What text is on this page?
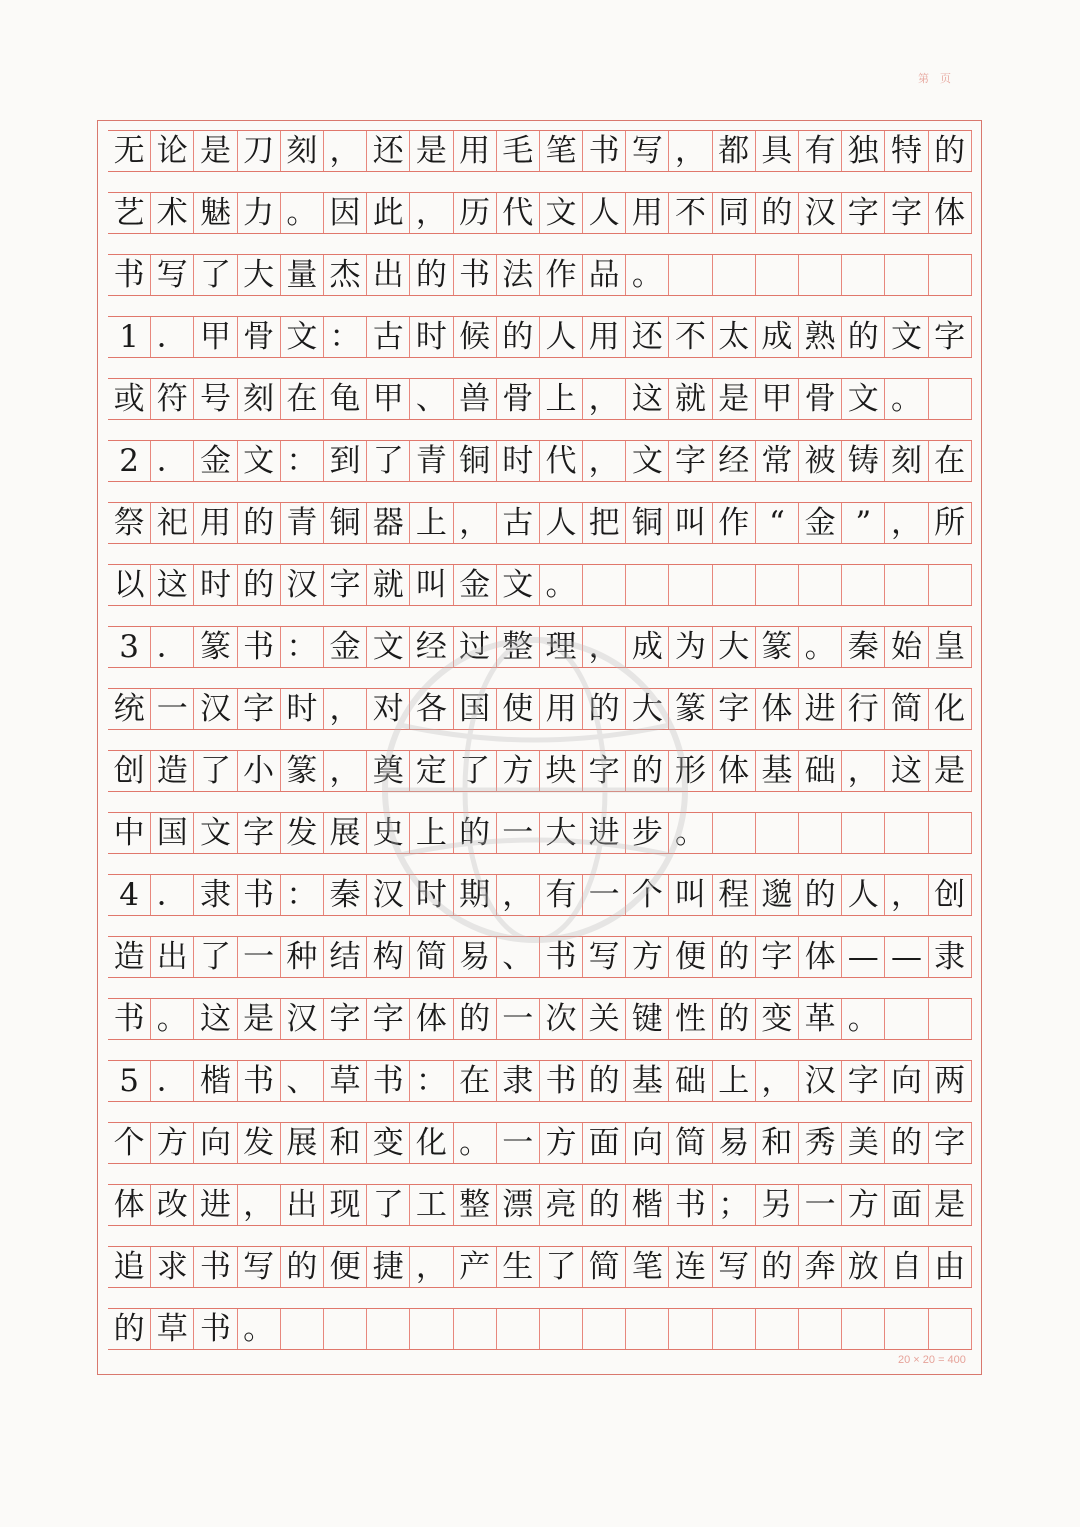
第 页
无 论 是 刀 刻 ， 还 是 用 毛 笔 书 写 ， 都 具 有 独 特 的
艺 术 魅 力 。 因 此 ， 历 代 文 人 用 不 同 的 汉 字 字 体
书 写 了 大 量 杰 出 的 书 法 作 品 。
1 ． 甲 骨 文 ： 古 时 候 的 人 用 还 不 太 成 熟 的 文 字
或 符 号 刻 在 龟 甲 、 兽 骨 上 ， 这 就 是 甲 骨 文 。
2 ． 金 文 ： 到 了 青 铜 时 代 ， 文 字 经 常 被 铸 刻 在
祭 祀 用 的 青 铜 器 上 ， 古 人 把 铜 叫 作 “ 金 ” ， 所
以 这 时 的 汉 字 就 叫 金 文 。
3 ． 篆 书 ： 金 文 经 过 整 理 ， 成 为 大 篆 。 秦 始 皇
统 一 汉 字 时 ， 对 各 国 使 用 的 大 篆 字 体 进 行 简 化
创 造 了 小 篆 ， 奠 定 了 方 块 字 的 形 体 基 础 ， 这 是
中 国 文 字 发 展 史 上 的 一 大 进 步 。
4 ． 隶 书 ： 秦 汉 时 期 ， 有 一 个 叫 程 邈 的 人 ， 创
造 出 了 一 种 结 构 简 易 、 书 写 方 便 的 字 体 — — 隶
书 。 这 是 汉 字 字 体 的 一 次 关 键 性 的 变 革 。
5 ． 楷 书 、 草 书 ： 在 隶 书 的 基 础 上 ， 汉 字 向 两
个 方 向 发 展 和 变 化 。 一 方 面 向 简 易 和 秀 美 的 字
体 改 进 ， 出 现 了 工 整 漂 亮 的 楷 书 ； 另 一 方 面 是
追 求 书 写 的 便 捷 ， 产 生 了 简 笔 连 写 的 奔 放 自 由
的 草 书 。
20 × 20 = 400
